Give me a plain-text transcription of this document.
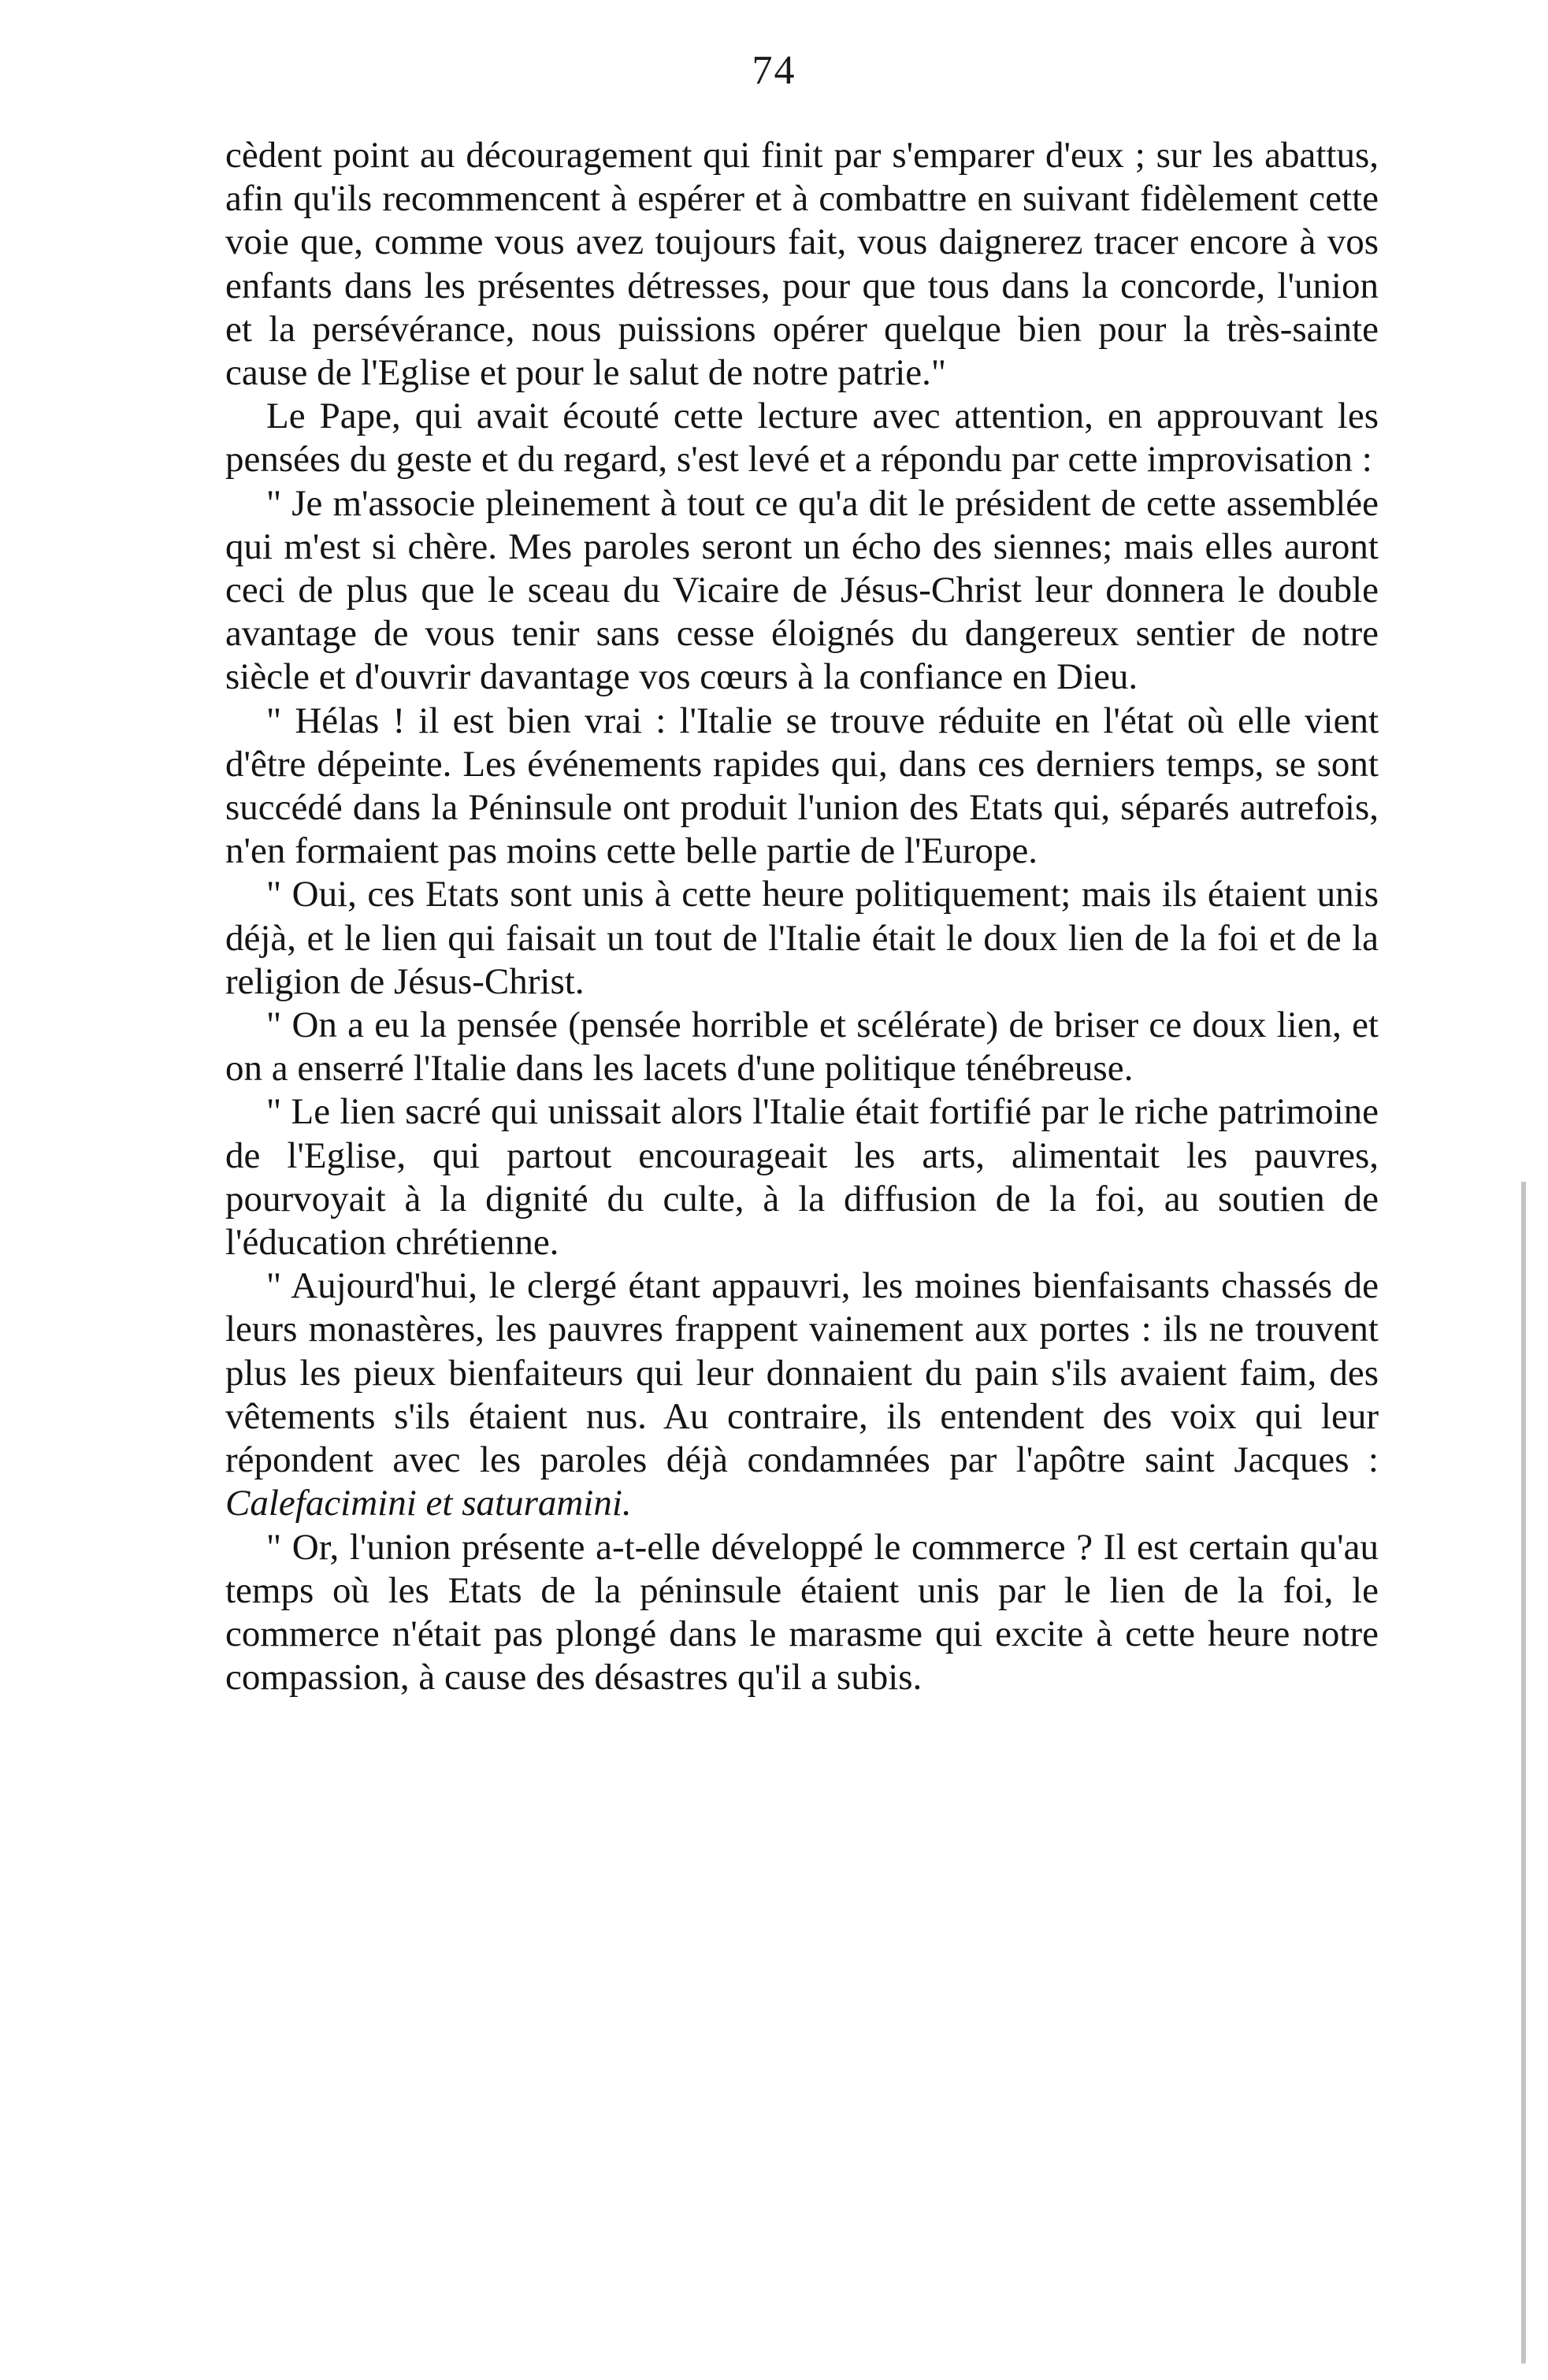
74

cèdent point au découragement qui finit par s'emparer d'eux ; sur les abattus, afin qu'ils recommencent à espérer et à combattre en suivant fidèlement cette voie que, comme vous avez toujours fait, vous daignerez tracer encore à vos enfants dans les présentes détresses, pour que tous dans la concorde, l'union et la persévérance, nous puissions opérer quelque bien pour la très-sainte cause de l'Eglise et pour le salut de notre patrie."

Le Pape, qui avait écouté cette lecture avec attention, en approuvant les pensées du geste et du regard, s'est levé et a répondu par cette improvisation :

" Je m'associe pleinement à tout ce qu'a dit le président de cette assemblée qui m'est si chère. Mes paroles seront un écho des siennes; mais elles auront ceci de plus que le sceau du Vicaire de Jésus-Christ leur donnera le double avantage de vous tenir sans cesse éloignés du dangereux sentier de notre siècle et d'ouvrir davantage vos cœurs à la confiance en Dieu.

" Hélas ! il est bien vrai : l'Italie se trouve réduite en l'état où elle vient d'être dépeinte. Les événements rapides qui, dans ces derniers temps, se sont succédé dans la Péninsule ont produit l'union des Etats qui, séparés autrefois, n'en formaient pas moins cette belle partie de l'Europe.

" Oui, ces Etats sont unis à cette heure politiquement; mais ils étaient unis déjà, et le lien qui faisait un tout de l'Italie était le doux lien de la foi et de la religion de Jésus-Christ.

" On a eu la pensée (pensée horrible et scélérate) de briser ce doux lien, et on a enserré l'Italie dans les lacets d'une politique ténébreuse.

" Le lien sacré qui unissait alors l'Italie était fortifié par le riche patrimoine de l'Eglise, qui partout encourageait les arts, alimentait les pauvres, pourvoyait à la dignité du culte, à la diffusion de la foi, au soutien de l'éducation chrétienne.

" Aujourd'hui, le clergé étant appauvri, les moines bienfaisants chassés de leurs monastères, les pauvres frappent vainement aux portes : ils ne trouvent plus les pieux bienfaiteurs qui leur donnaient du pain s'ils avaient faim, des vêtements s'ils étaient nus. Au contraire, ils entendent des voix qui leur répondent avec les paroles déjà condamnées par l'apôtre saint Jacques : Calefacimini et saturamini.

" Or, l'union présente a-t-elle développé le commerce ? Il est certain qu'au temps où les Etats de la péninsule étaient unis par le lien de la foi, le commerce n'était pas plongé dans le marasme qui excite à cette heure notre compassion, à cause des désastres qu'il a subis.
